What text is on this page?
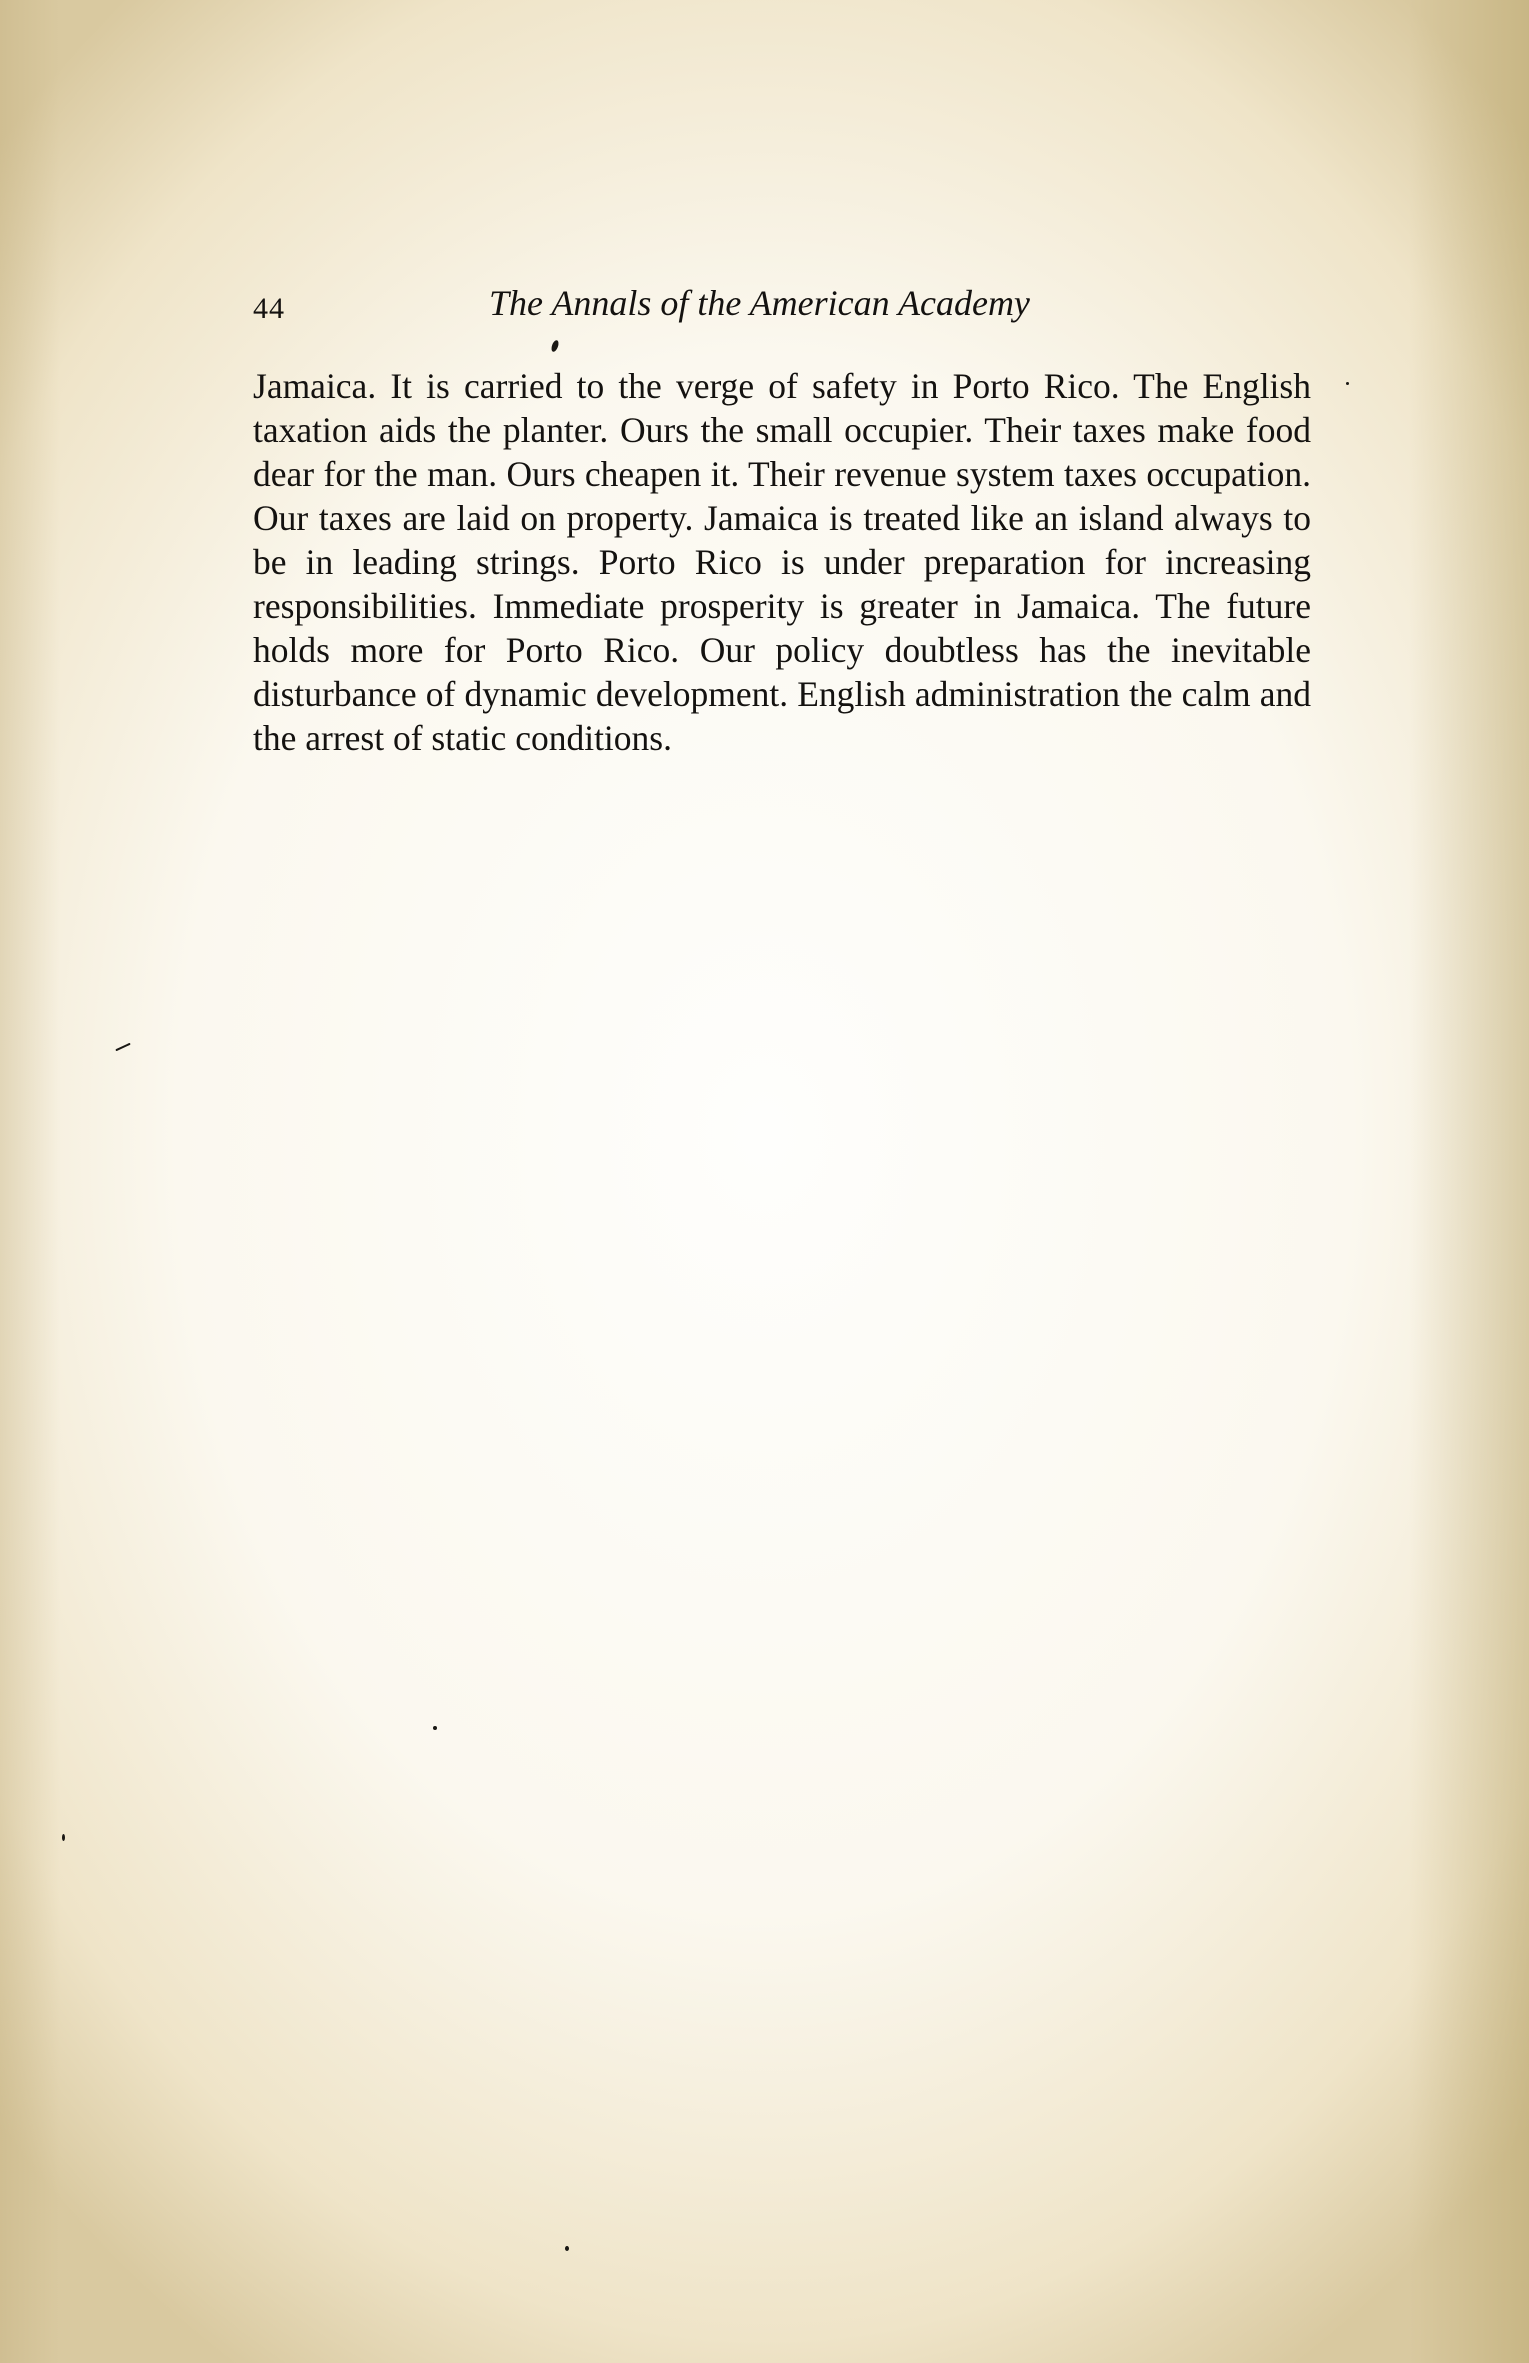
44	The Annals of the American Academy

Jamaica. It is carried to the verge of safety in Porto Rico. The English taxation aids the planter. Ours the small occupier. Their taxes make food dear for the man. Ours cheapen it. Their revenue system taxes occupation. Our taxes are laid on property. Jamaica is treated like an island always to be in leading strings. Porto Rico is under preparation for increasing responsibilities. Immediate prosperity is greater in Jamaica. The future holds more for Porto Rico. Our policy doubtless has the inevitable disturbance of dynamic development. English administration the calm and the arrest of static conditions.
